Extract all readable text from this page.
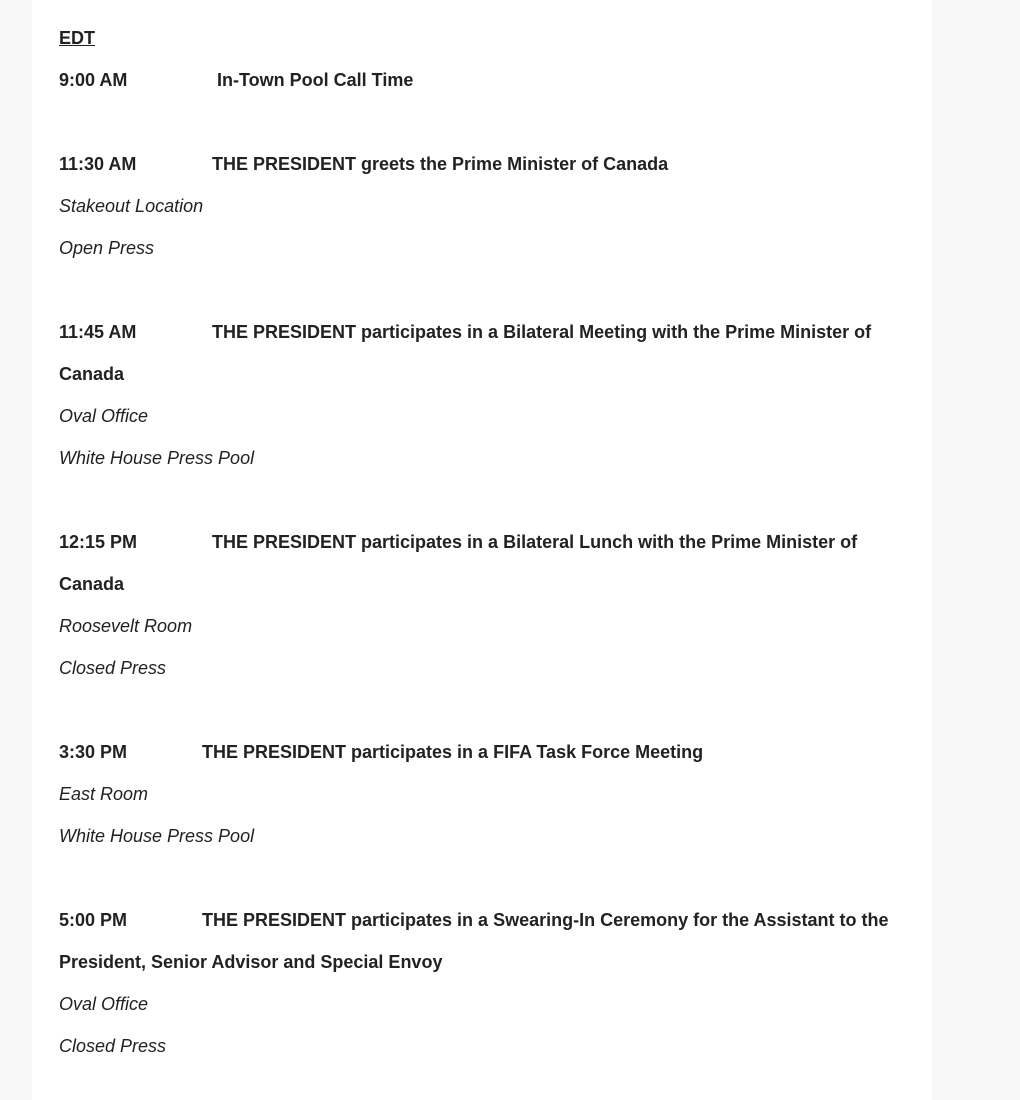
EDT
9:00 AM	In-Town Pool Call Time
11:30 AM	THE PRESIDENT greets the Prime Minister of Canada
Stakeout Location
Open Press
11:45 AM	THE PRESIDENT participates in a Bilateral Meeting with the Prime Minister of
Canada
Oval Office
White House Press Pool
12:15 PM	THE PRESIDENT participates in a Bilateral Lunch with the Prime Minister of
Canada
Roosevelt Room
Closed Press
3:30 PM	THE PRESIDENT participates in a FIFA Task Force Meeting
East Room
White House Press Pool
5:00 PM	THE PRESIDENT participates in a Swearing-In Ceremony for the Assistant to the
President, Senior Advisor and Special Envoy
Oval Office
Closed Press
